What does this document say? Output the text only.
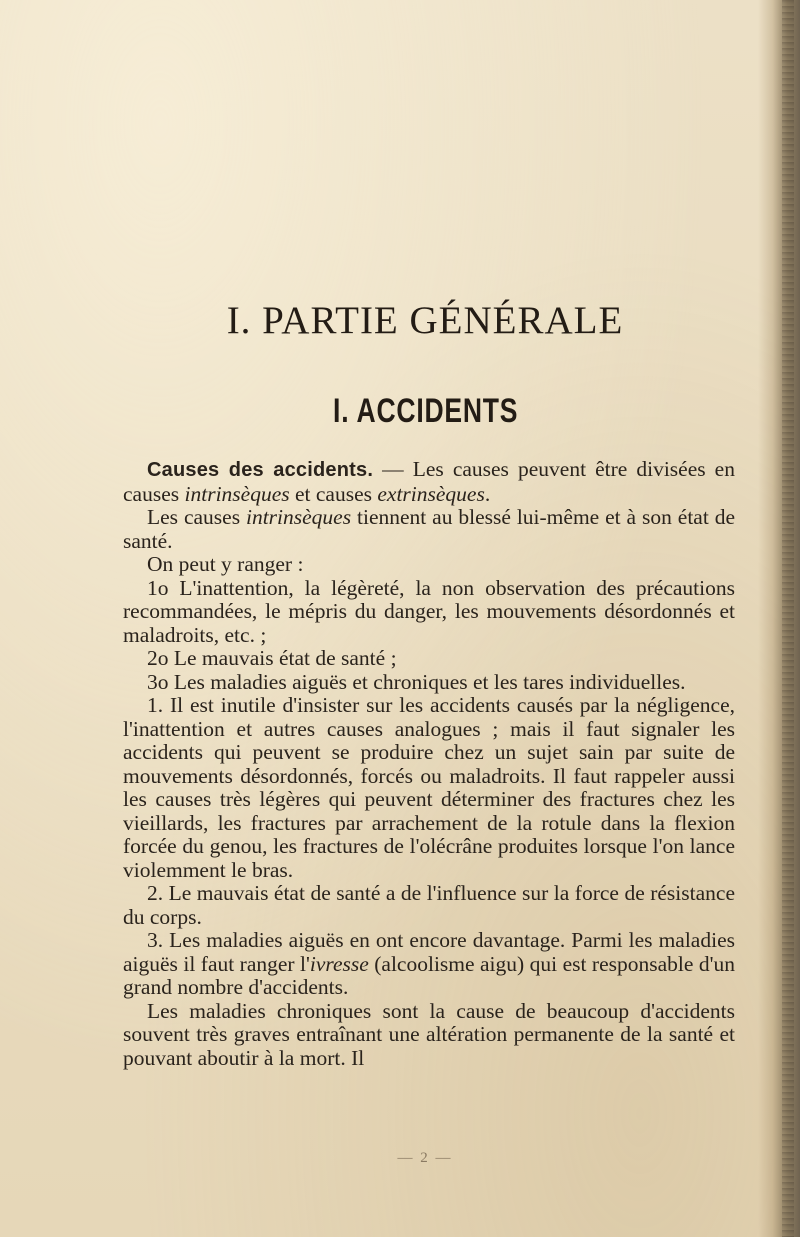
I. PARTIE GÉNÉRALE
I. ACCIDENTS

Causes des accidents. — Les causes peuvent être divisées en causes intrinsèques et causes extrinsèques.

Les causes intrinsèques tiennent au blessé lui-même et à son état de santé.

On peut y ranger :

1o L'inattention, la légèreté, la non observation des précautions recommandées, le mépris du danger, les mouvements désordonnés et maladroits, etc. ;

2o Le mauvais état de santé ;

3o Les maladies aiguës et chroniques et les tares individuelles.

1. Il est inutile d'insister sur les accidents causés par la négligence, l'inattention et autres causes analogues ; mais il faut signaler les accidents qui peuvent se produire chez un sujet sain par suite de mouvements désordonnés, forcés ou maladroits. Il faut rappeler aussi les causes très légères qui peuvent déterminer des fractures chez les vieillards, les fractures par arrachement de la rotule dans la flexion forcée du genou, les fractures de l'olécrâne produites lorsque l'on lance violemment le bras.

2. Le mauvais état de santé a de l'influence sur la force de résistance du corps.

3. Les maladies aiguës en ont encore davantage. Parmi les maladies aiguës il faut ranger l'ivresse (alcoolisme aigu) qui est responsable d'un grand nombre d'accidents.

Les maladies chroniques sont la cause de beaucoup d'accidents souvent très graves entraînant une altération permanente de la santé et pouvant aboutir à la mort. Il

— 2 —
